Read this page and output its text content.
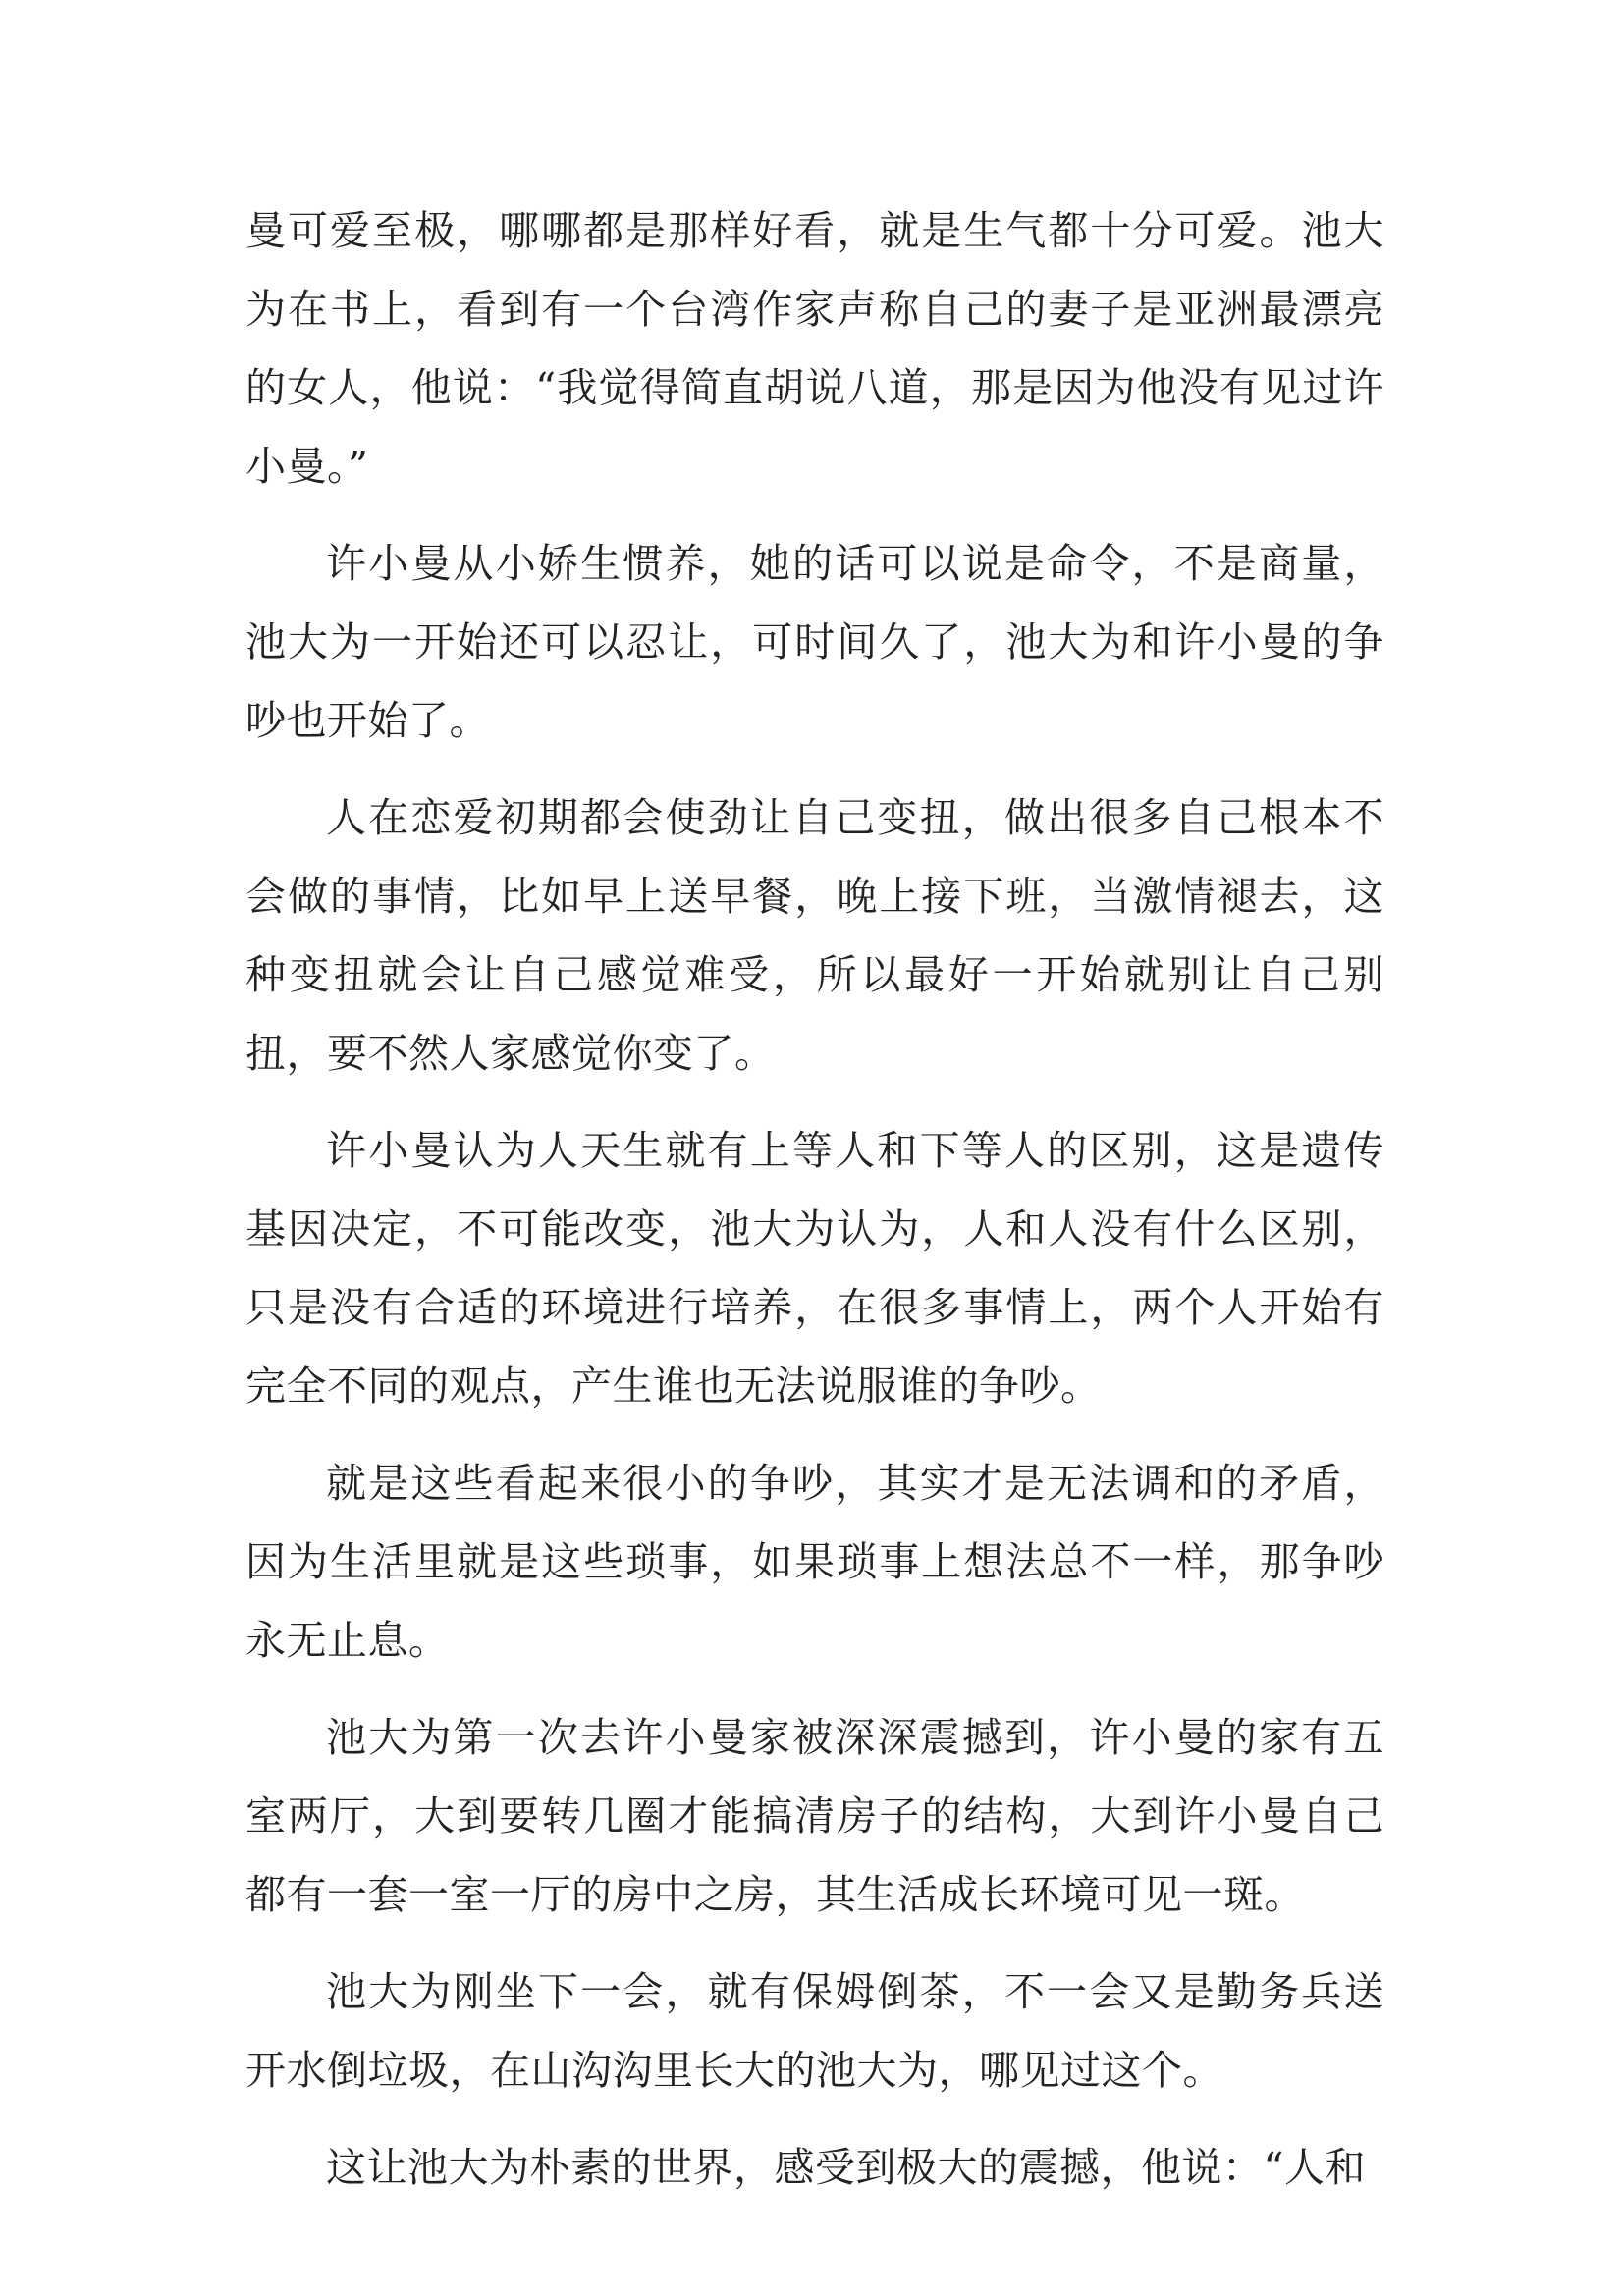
曼可爱至极，哪哪都是那样好看，就是生气都十分可爱。池大为在书上，看到有一个台湾作家声称自己的妻子是亚洲最漂亮的女人，他说：“我觉得简直胡说八道，那是因为他没有见过许小曼。”

许小曼从小娇生惯养，她的话可以说是命令，不是商量，池大为一开始还可以忍让，可时间久了，池大为和许小曼的争吵也开始了。

人在恋爱初期都会使劲让自己变扭，做出很多自己根本不会做的事情，比如早上送早餐，晚上接下班，当激情褪去，这种变扭就会让自己感觉难受，所以最好一开始就别让自己别扭，要不然人家感觉你变了。

许小曼认为人天生就有上等人和下等人的区别，这是遗传基因决定，不可能改变，池大为认为，人和人没有什么区别，只是没有合适的环境进行培养，在很多事情上，两个人开始有完全不同的观点，产生谁也无法说服谁的争吵。

就是这些看起来很小的争吵，其实才是无法调和的矛盾，因为生活里就是这些琐事，如果琐事上想法总不一样，那争吵永无止息。

池大为第一次去许小曼家被深深震撼到，许小曼的家有五室两厅，大到要转几圈才能搞清房子的结构，大到许小曼自己都有一套一室一厅的房中之房，其生活成长环境可见一斑。

池大为刚坐下一会，就有保姆倒茶，不一会又是勤务兵送开水倒垃圾，在山沟沟里长大的池大为，哪见过这个。

这让池大为朴素的世界，感受到极大的震撼，他说：“人和
